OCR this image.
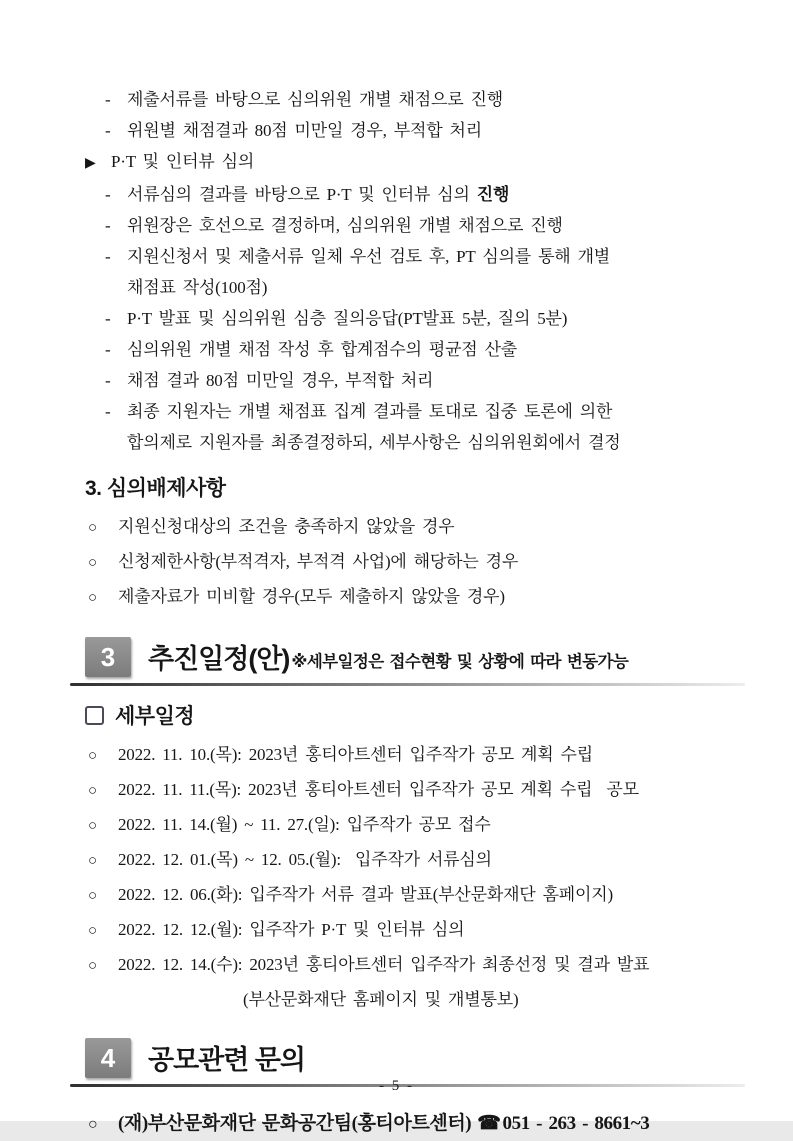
- 제출서류를 바탕으로 심의위원 개별 채점으로 진행
- 위원별 채점결과 80점 미만일 경우, 부적합 처리
▶ P·T 및 인터뷰 심의
- 서류심의 결과를 바탕으로 P·T 및 인터뷰 심의 진행
- 위원장은 호선으로 결정하며, 심의위원 개별 채점으로 진행
- 지원신청서 및 제출서류 일체 우선 검토 후, PT 심의를 통해 개별
채점표 작성(100점)
- P·T 발표 및 심의위원 심층 질의응답(PT발표 5분, 질의 5분)
- 심의위원 개별 채점 작성 후 합계점수의 평균점 산출
- 채점 결과 80점 미만일 경우, 부적합 처리
- 최종 지원자는 개별 채점표 집계 결과를 토대로 집중 토론에 의한
합의제로 지원자를 최종결정하되, 세부사항은 심의위원회에서 결정
3. 심의배제사항
○	지원신청대상의 조건을 충족하지 않았을 경우
○	신청제한사항(부적격자, 부적격 사업)에 해당하는 경우
○	제출자료가 미비할 경우(모두 제출하지 않았을 경우)
3	추진일정(안) ※세부일정은 접수현황 및 상황에 따라 변동가능
세부일정
○	2022. 11. 10.(목): 2023년 홍티아트센터 입주작가 공모 계획 수립
○	2022. 11. 11.(목): 2023년 홍티아트센터 입주작가 공모 계획 수립  공모
○	2022. 11. 14.(월) ~ 11. 27.(일): 입주작가 공모 접수
○	2022. 12. 01.(목) ~ 12. 05.(월):  입주작가 서류심의
○	2022. 12. 06.(화): 입주작가 서류 결과 발표(부산문화재단 홈페이지)
○	2022. 12. 12.(월): 입주작가 P·T 및 인터뷰 심의
○	2022. 12. 14.(수): 2023년 홍티아트센터 입주작가 최종선정 및 결과 발표
(부산문화재단 홈페이지 및 개별통보)
4	공모관련 문의
○	(재)부산문화재단 문화공간팀(홍티아트센터) ☎ 051 - 263 - 8661~3
- 5 -
